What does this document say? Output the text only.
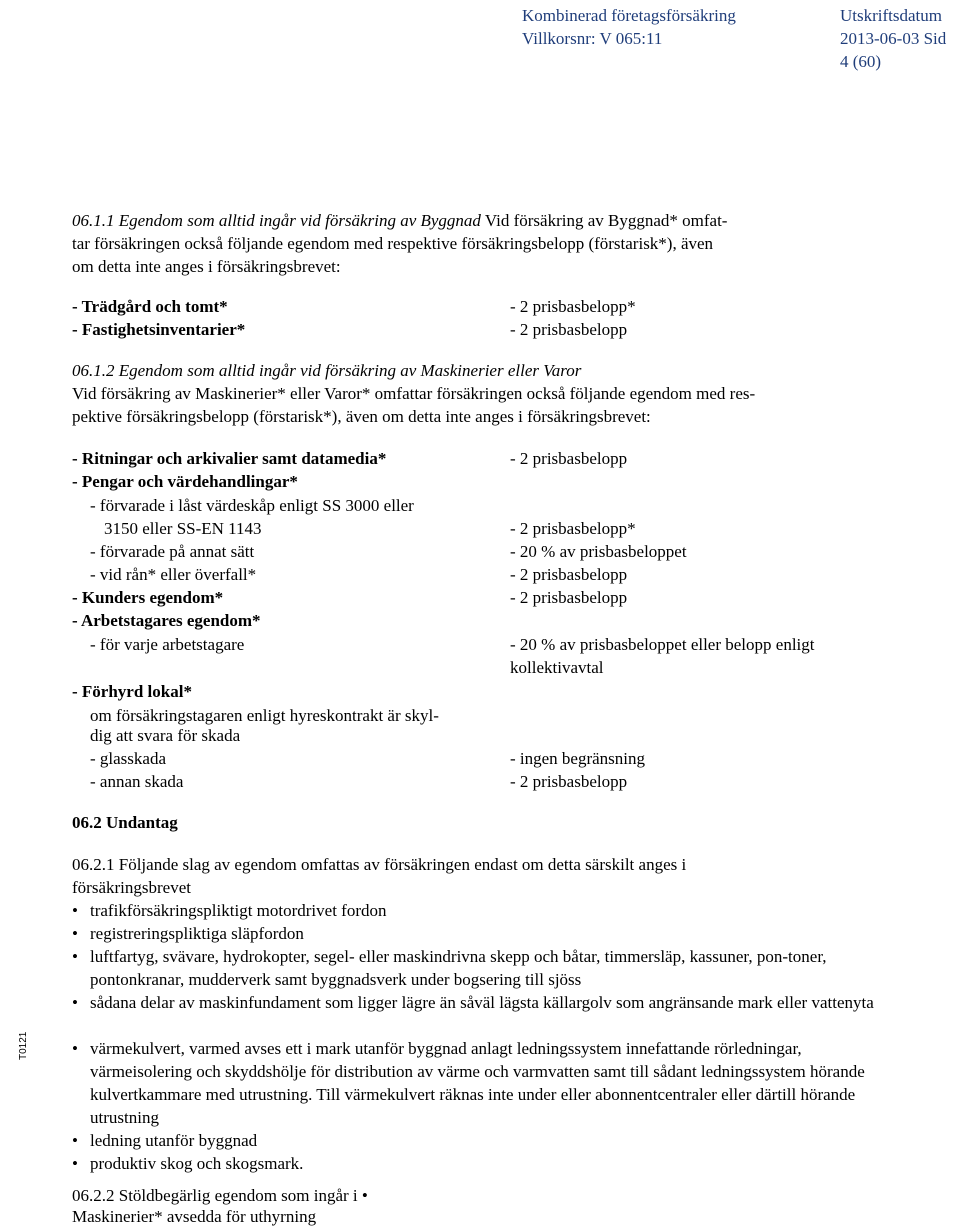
Kombinerad företagsförsäkring
Villkorsnr: V 065:11
Utskriftsdatum
2013-06-03 Sid
4 (60)
T0121
06.1.1 Egendom som alltid ingår vid försäkring av Byggnad Vid försäkring av Byggnad* omfat-
tar försäkringen också följande egendom med respektive försäkringsbelopp (förstarisk*), även
om detta inte anges i försäkringsbrevet:
- Trädgård och tomt*	- 2 prisbasbelopp*
- Fastighetsinventarier*	- 2 prisbasbelopp
06.1.2 Egendom som alltid ingår vid försäkring av Maskinerier eller Varor
Vid försäkring av Maskinerier* eller Varor* omfattar försäkringen också följande egendom med res-
pektive försäkringsbelopp (förstarisk*), även om detta inte anges i försäkringsbrevet:
- Ritningar och arkivalier samt datamedia*	- 2 prisbasbelopp
- Pengar och värdehandlingar*
- förvarade i låst värdeskåp enligt SS 3000 eller
3150 eller SS-EN 1143	- 2 prisbasbelopp*
- förvarade på annat sätt	- 20 % av prisbasbeloppet
- vid rån* eller överfall*	- 2 prisbasbelopp
- Kunders egendom*	- 2 prisbasbelopp
- Arbetstagares egendom*
- för varje arbetstagare	- 20 % av prisbasbeloppet eller belopp enligt
kollektivavtal
- Förhyrd lokal*
om försäkringstagaren enligt hyreskontrakt är skyl-
dig att svara för skada
- glasskada	- ingen begränsning
- annan skada	- 2 prisbasbelopp
06.2 Undantag
06.2.1 Följande slag av egendom omfattas av försäkringen endast om detta särskilt anges i
försäkringsbrevet
• trafikförsäkringspliktigt motordrivet fordon
• registreringspliktiga släpfordon
• luftfartyg, svävare, hydrokopter, segel- eller maskindrivna skepp och båtar, timmersläp, kassuner, pon-toner, pontonkranar, mudderverk samt byggnadsverk under bogsering till sjöss
• sådana delar av maskinfundament som ligger lägre än såväl lägsta källargolv som angränsande mark eller vattenyta
• värmekulvert, varmed avses ett i mark utanför byggnad anlagt ledningssystem innefattande rörledningar, värmeisolering och skyddshölje för distribution av värme och varmvatten samt till sådant ledningssystem hörande kulvertkammare med utrustning. Till värmekulvert räknas inte under eller abonnentcentraler eller därtill hörande utrustning
• ledning utanför byggnad
• produktiv skog och skogsmark.
06.2.2 Stöldbegärlig egendom som ingår i •
Maskinerier* avsedda för uthyrning
